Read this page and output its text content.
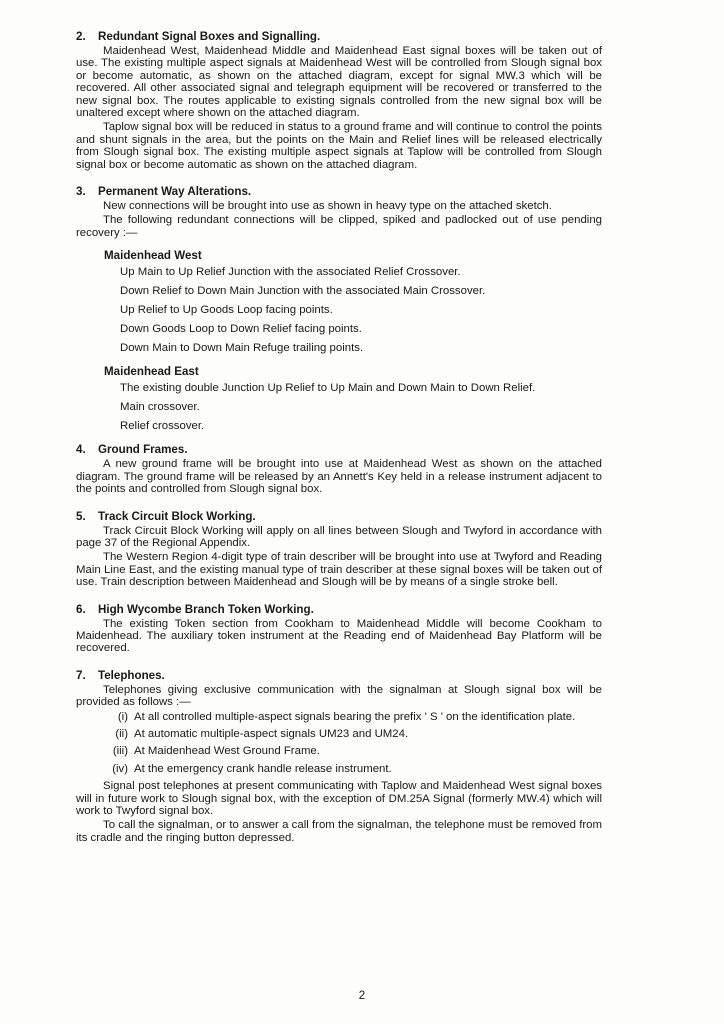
2. Redundant Signal Boxes and Signalling.

Maidenhead West, Maidenhead Middle and Maidenhead East signal boxes will be taken out of use. The existing multiple aspect signals at Maidenhead West will be controlled from Slough signal box or become automatic, as shown on the attached diagram, except for signal MW.3 which will be recovered. All other associated signal and telegraph equipment will be recovered or transferred to the new signal box. The routes applicable to existing signals controlled from the new signal box will be unaltered except where shown on the attached diagram.

Taplow signal box will be reduced in status to a ground frame and will continue to control the points and shunt signals in the area, but the points on the Main and Relief lines will be released electrically from Slough signal box. The existing multiple aspect signals at Taplow will be controlled from Slough signal box or become automatic as shown on the attached diagram.

3. Permanent Way Alterations.

New connections will be brought into use as shown in heavy type on the attached sketch.

The following redundant connections will be clipped, spiked and padlocked out of use pending recovery :—

Maidenhead West
Up Main to Up Relief Junction with the associated Relief Crossover.
Down Relief to Down Main Junction with the associated Main Crossover.
Up Relief to Up Goods Loop facing points.
Down Goods Loop to Down Relief facing points.
Down Main to Down Main Refuge trailing points.
Maidenhead East
The existing double Junction Up Relief to Up Main and Down Main to Down Relief.
Main crossover.
Relief crossover.
4. Ground Frames.

A new ground frame will be brought into use at Maidenhead West as shown on the attached diagram. The ground frame will be released by an Annett's Key held in a release instrument adjacent to the points and controlled from Slough signal box.

5. Track Circuit Block Working.

Track Circuit Block Working will apply on all lines between Slough and Twyford in accordance with page 37 of the Regional Appendix.

The Western Region 4-digit type of train describer will be brought into use at Twyford and Reading Main Line East, and the existing manual type of train describer at these signal boxes will be taken out of use. Train description between Maidenhead and Slough will be by means of a single stroke bell.

6. High Wycombe Branch Token Working.

The existing Token section from Cookham to Maidenhead Middle will become Cookham to Maidenhead. The auxiliary token instrument at the Reading end of Maidenhead Bay Platform will be recovered.

7. Telephones.

Telephones giving exclusive communication with the signalman at Slough signal box will be provided as follows :—

(i) At all controlled multiple-aspect signals bearing the prefix ' S ' on the identification plate.
(ii) At automatic multiple-aspect signals UM23 and UM24.
(iii) At Maidenhead West Ground Frame.
(iv) At the emergency crank handle release instrument.

Signal post telephones at present communicating with Taplow and Maidenhead West signal boxes will in future work to Slough signal box, with the exception of DM.25A Signal (formerly MW.4) which will work to Twyford signal box.

To call the signalman, or to answer a call from the signalman, the telephone must be removed from its cradle and the ringing button depressed.

2
